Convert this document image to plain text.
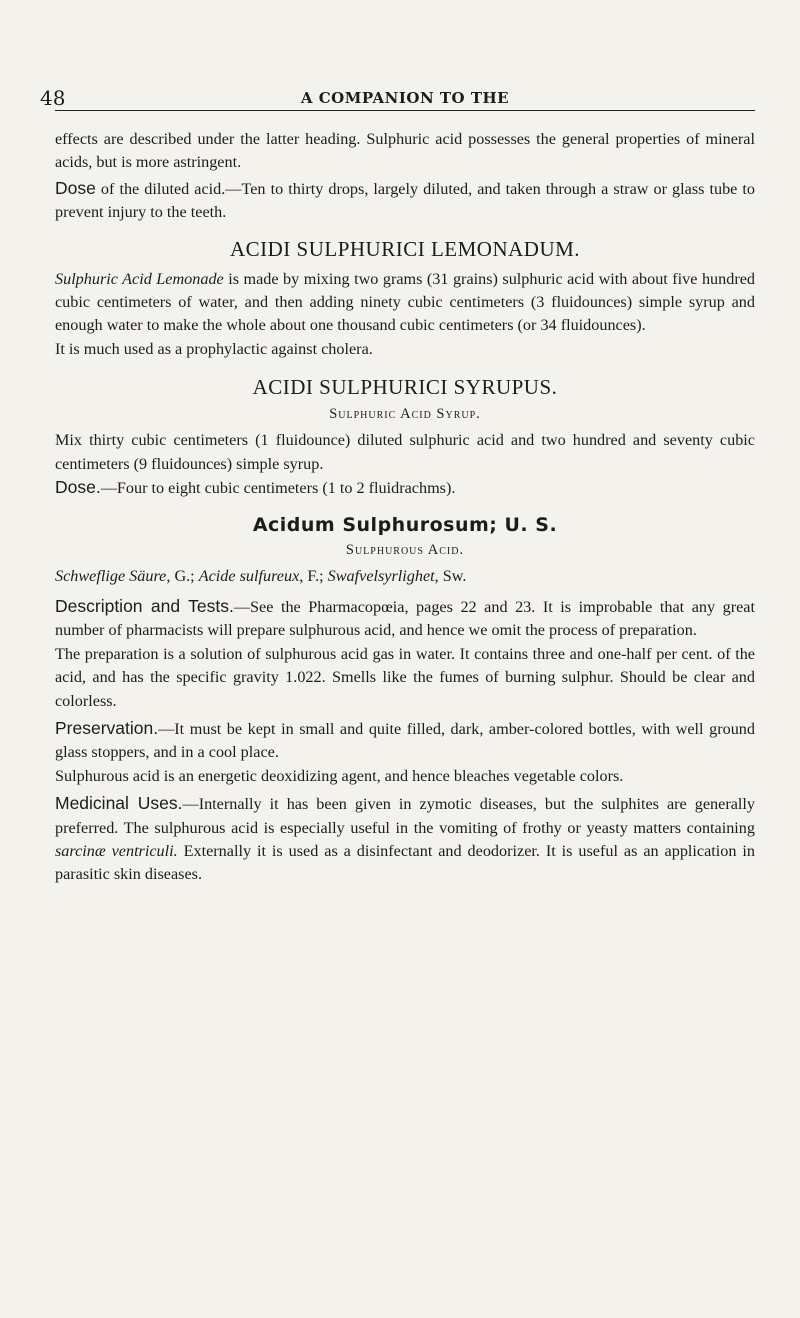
48	A COMPANION TO THE

effects are described under the latter heading. Sulphuric acid possesses the general properties of mineral acids, but is more astringent.

Dose of the diluted acid.—Ten to thirty drops, largely diluted, and taken through a straw or glass tube to prevent injury to the teeth.

ACIDI SULPHURICI LEMONADUM.

Sulphuric Acid Lemonade is made by mixing two grams (31 grains) sulphuric acid with about five hundred cubic centimeters of water, and then adding ninety cubic centimeters (3 fluidounces) simple syrup and enough water to make the whole about one thousand cubic centimeters (or 34 fluidounces).

It is much used as a prophylactic against cholera.

ACIDI SULPHURICI SYRUPUS.
Sulphuric Acid Syrup.

Mix thirty cubic centimeters (1 fluidounce) diluted sulphuric acid and two hundred and seventy cubic centimeters (9 fluidounces) simple syrup.

Dose.—Four to eight cubic centimeters (1 to 2 fluidrachms).

Acidum Sulphurosum; U. S.
Sulphurous Acid.

Schweflige Säure, G.; Acide sulfureux, F.; Swafvelsyrlighet, Sw.

Description and Tests.—See the Pharmacopœia, pages 22 and 23. It is improbable that any great number of pharmacists will prepare sulphurous acid, and hence we omit the process of preparation.

The preparation is a solution of sulphurous acid gas in water. It contains three and one-half per cent. of the acid, and has the specific gravity 1.022. Smells like the fumes of burning sulphur. Should be clear and colorless.

Preservation.—It must be kept in small and quite filled, dark, amber-colored bottles, with well ground glass stoppers, and in a cool place.

Sulphurous acid is an energetic deoxidizing agent, and hence bleaches vegetable colors.

Medicinal Uses.—Internally it has been given in zymotic diseases, but the sulphites are generally preferred. The sulphurous acid is especially useful in the vomiting of frothy or yeasty matters containing sarcinæ ventriculi. Externally it is used as a disinfectant and deodorizer. It is useful as an application in parasitic skin diseases.
